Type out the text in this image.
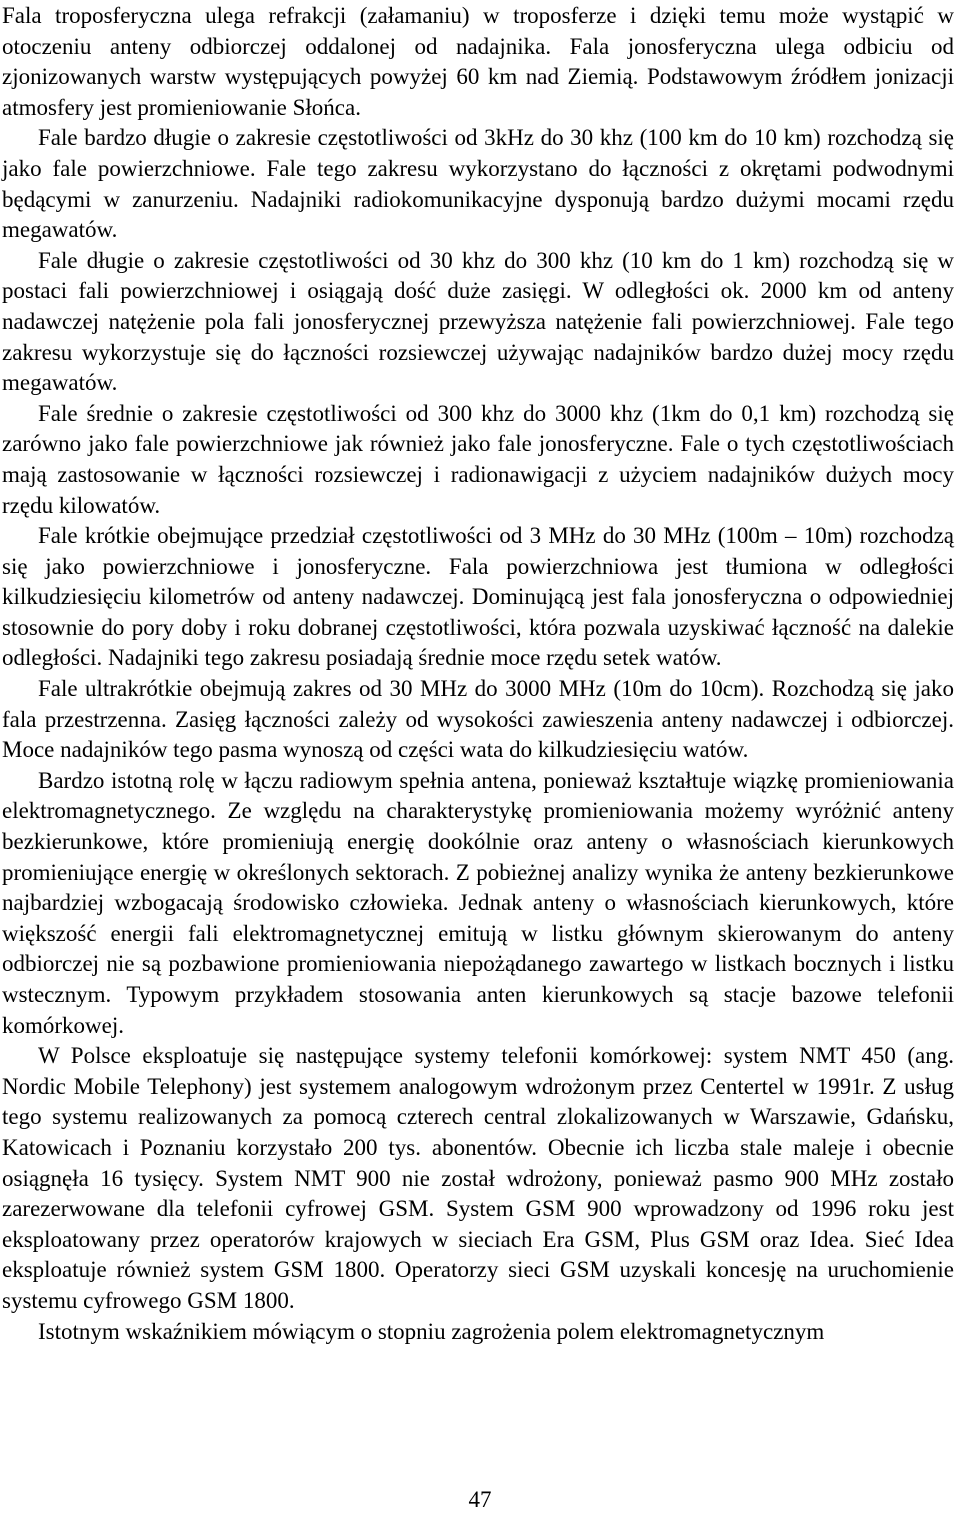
Fala troposferyczna ulega refrakcji (załamaniu) w troposferze i dzięki temu może wystąpić w otoczeniu anteny odbiorczej oddalonej od nadajnika. Fala jonosferyczna ulega odbiciu od zjonizowanych warstw występujących powyżej 60 km nad Ziemią. Podstawowym źródłem jonizacji atmosfery jest promieniowanie Słońca.

Fale bardzo długie o zakresie częstotliwości od 3kHz do 30 khz (100 km do 10 km) rozchodzą się jako fale powierzchniowe. Fale tego zakresu wykorzystano do łączności z okrętami podwodnymi będącymi w zanurzeniu. Nadajniki radiokomunikacyjne dysponują bardzo dużymi mocami rzędu megawatów.

Fale długie o zakresie częstotliwości od 30 khz do 300 khz (10 km do 1 km) rozchodzą się w postaci fali powierzchniowej i osiągają dość duże zasięgi. W odległości ok. 2000 km od anteny nadawczej natężenie pola fali jonosferycznej przewyższa natężenie fali powierzchniowej. Fale tego zakresu wykorzystuje się do łączności rozsiewczej używając nadajników bardzo dużej mocy rzędu megawatów.

Fale średnie o zakresie częstotliwości od 300 khz do 3000 khz (1km do 0,1 km) rozchodzą się zarówno jako fale powierzchniowe jak również jako fale jonosferyczne. Fale o tych częstotliwościach mają zastosowanie w łączności rozsiewczej i radionawigacji z użyciem nadajników dużych mocy rzędu kilowatów.

Fale krótkie obejmujące przedział częstotliwości od 3 MHz do 30 MHz (100m – 10m) rozchodzą się jako powierzchniowe i jonosferyczne. Fala powierzchniowa jest tłumiona w odległości kilkudziesięciu kilometrów od anteny nadawczej. Dominującą jest fala jonosferyczna o odpowiedniej stosownie do pory doby i roku dobranej częstotliwości, która pozwala uzyskiwać łączność na dalekie odległości. Nadajniki tego zakresu posiadają średnie moce rzędu setek watów.

Fale ultrakrótkie obejmują zakres od 30 MHz do 3000 MHz (10m do 10cm). Rozchodzą się jako fala przestrzenna. Zasięg łączności zależy od wysokości zawieszenia anteny nadawczej i odbiorczej. Moce nadajników tego pasma wynoszą od części wata do kilkudziesięciu watów.

Bardzo istotną rolę w łączu radiowym spełnia antena, ponieważ kształtuje wiązkę promieniowania elektromagnetycznego. Ze względu na charakterystykę promieniowania możemy wyróżnić anteny bezkierunkowe, które promieniują energię dookólnie oraz anteny o własnościach kierunkowych promieniujące energię w określonych sektorach. Z pobieżnej analizy wynika że anteny bezkierunkowe najbardziej wzbogacają środowisko człowieka. Jednak anteny o własnościach kierunkowych, które większość energii fali elektromagnetycznej emitują w listku głównym skierowanym do anteny odbiorczej nie są pozbawione promieniowania niepożądanego zawartego w listkach bocznych i listku wstecznym. Typowym przykładem stosowania anten kierunkowych są stacje bazowe telefonii komórkowej.

W Polsce eksploatuje się następujące systemy telefonii komórkowej: system NMT 450 (ang. Nordic Mobile Telephony) jest systemem analogowym wdrożonym przez Centertel w 1991r. Z usług tego systemu realizowanych za pomocą czterech central zlokalizowanych w Warszawie, Gdańsku, Katowicach i Poznaniu korzystało 200 tys. abonentów. Obecnie ich liczba stale maleje i obecnie osiągnęła 16 tysięcy. System NMT 900 nie został wdrożony, ponieważ pasmo 900 MHz zostało zarezerwowane dla telefonii cyfrowej GSM. System GSM 900 wprowadzony od 1996 roku jest eksploatowany przez operatorów krajowych w sieciach Era GSM, Plus GSM oraz Idea. Sieć Idea eksploatuje również system GSM 1800. Operatorzy sieci GSM uzyskali koncesję na uruchomienie systemu cyfrowego GSM 1800.

Istotnym wskaźnikiem mówiącym o stopniu zagrożenia polem elektromagnetycznym

47
